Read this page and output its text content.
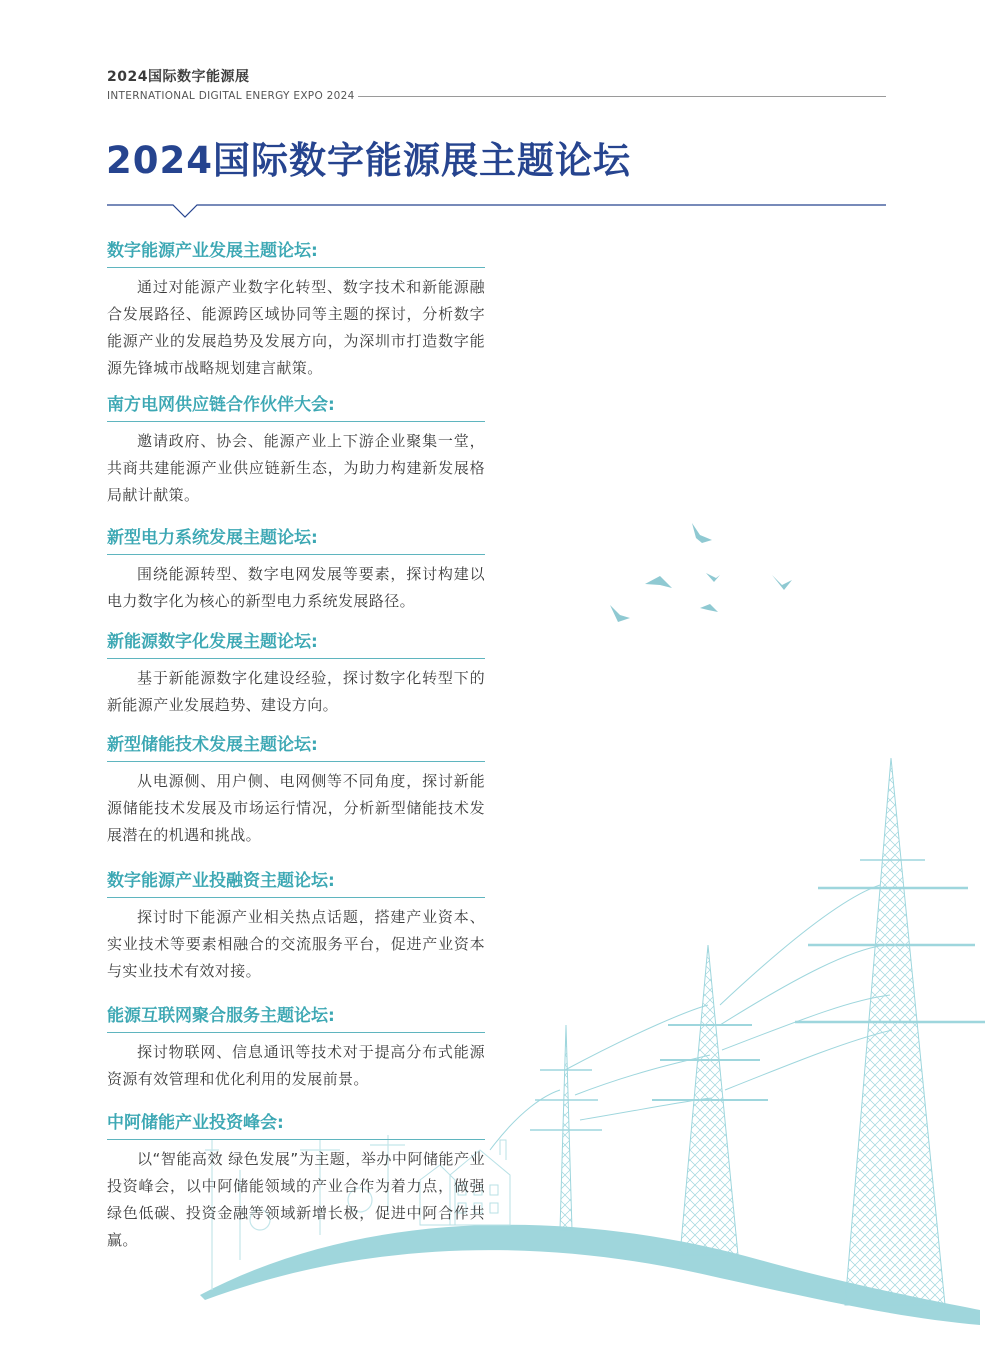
2024国际数字能源展
INTERNATIONAL DIGITAL ENERGY EXPO 2024
2024国际数字能源展主题论坛
数字能源产业发展主题论坛:
通过对能源产业数字化转型、数字技术和新能源融合发展路径、能源跨区域协同等主题的探讨，分析数字能源产业的发展趋势及发展方向，为深圳市打造数字能源先锋城市战略规划建言献策。
南方电网供应链合作伙伴大会:
邀请政府、协会、能源产业上下游企业聚集一堂，共商共建能源产业供应链新生态，为助力构建新发展格局献计献策。
新型电力系统发展主题论坛:
围绕能源转型、数字电网发展等要素，探讨构建以电力数字化为核心的新型电力系统发展路径。
新能源数字化发展主题论坛:
基于新能源数字化建设经验，探讨数字化转型下的新能源产业发展趋势、建设方向。
新型储能技术发展主题论坛:
从电源侧、用户侧、电网侧等不同角度，探讨新能源储能技术发展及市场运行情况，分析新型储能技术发展潜在的机遇和挑战。
数字能源产业投融资主题论坛:
探讨时下能源产业相关热点话题，搭建产业资本、实业技术等要素相融合的交流服务平台，促进产业资本与实业技术有效对接。
能源互联网聚合服务主题论坛:
探讨物联网、信息通讯等技术对于提高分布式能源资源有效管理和优化利用的发展前景。
中阿储能产业投资峰会:
以“智能高效 绿色发展”为主题，举办中阿储能产业投资峰会，以中阿储能领域的产业合作为着力点，做强绿色低碳、投资金融等领域新增长极，促进中阿合作共赢。
